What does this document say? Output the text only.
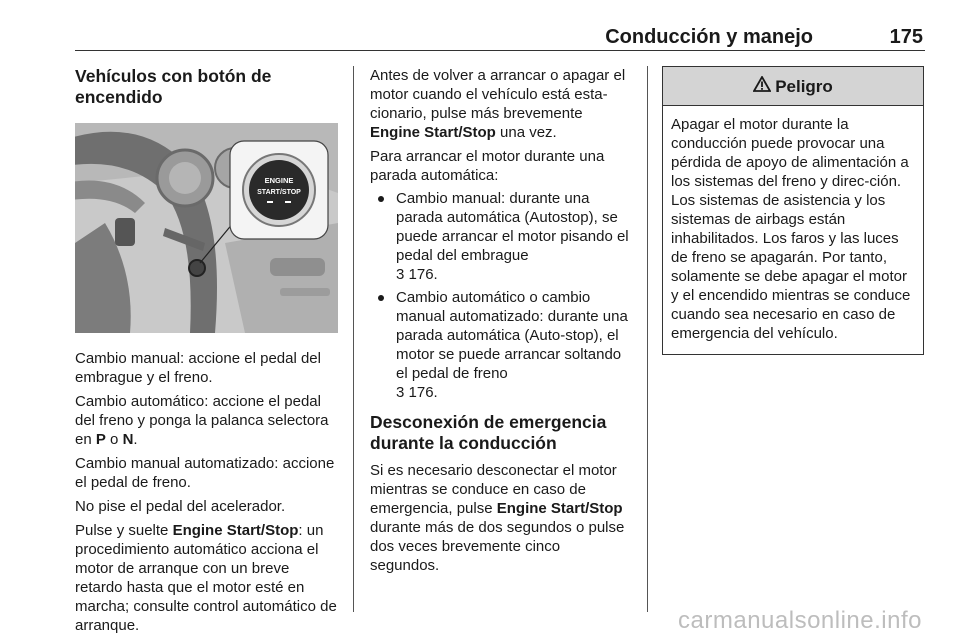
Conducción y manejo	175
Vehículos con botón de encendido
ENGINE
START/STOP

Cambio manual: accione el pedal del embrague y el freno.

Cambio automático: accione el pedal del freno y ponga la palanca selectora en P o N.

Cambio manual automatizado: accione el pedal de freno.

No pise el pedal del acelerador.

Pulse y suelte Engine Start/Stop: un procedimiento automático acciona el motor de arranque con un breve retardo hasta que el motor esté en marcha; consulte control automático de arranque.

Antes de volver a arrancar o apagar el motor cuando el vehículo está esta-cionario, pulse más brevemente Engine Start/Stop una vez.

Para arrancar el motor durante una parada automática:

Cambio manual: durante una parada automática (Autostop), se puede arrancar el motor pisando el pedal del embrague
3 176.
Cambio automático o cambio manual automatizado: durante una parada automática (Auto-stop), el motor se puede arrancar soltando el pedal de freno
3 176.
Desconexión de emergencia durante la conducción

Si es necesario desconectar el motor mientras se conduce en caso de emergencia, pulse Engine Start/Stop durante más de dos segundos o pulse dos veces brevemente cinco segundos.

Peligro
Apagar el motor durante la conducción puede provocar una pérdida de apoyo de alimentación a los sistemas del freno y direc-ción. Los sistemas de asistencia y los sistemas de airbags están inhabilitados. Los faros y las luces de freno se apagarán. Por tanto, solamente se debe apagar el motor y el encendido mientras se conduce cuando sea necesario en caso de emergencia del vehículo.
carmanualsonline.info
